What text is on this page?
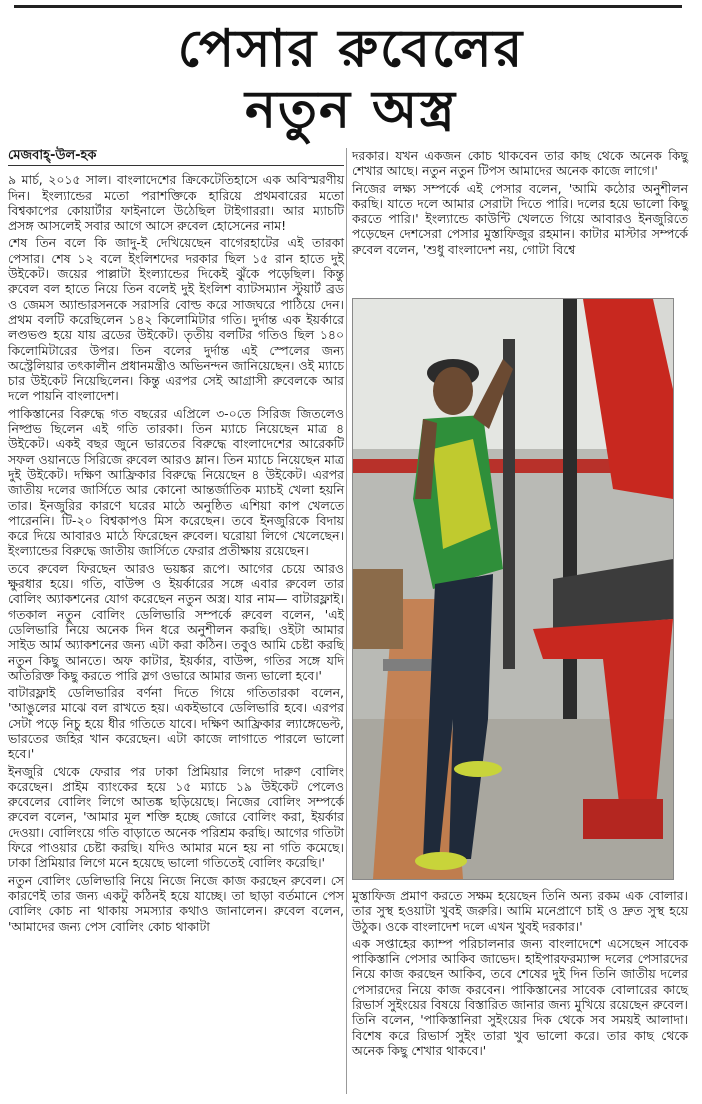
পেসার রুবেলের
নতুন অস্ত্র
মেজবাহ্-উল-হক

৯ মার্চ, ২০১৫ সাল। বাংলাদেশের ক্রিকেটেতিহাসে এক অবিস্মরণীয় দিন। ইংল্যান্ডের মতো পরাশক্তিকে হারিয়ে প্রথমবারের মতো বিশ্বকাপের কোয়ার্টার ফাইনালে উঠেছিল টাইগাররা। আর ম্যাচটি প্রসঙ্গ আসলেই সবার আগে আসে রুবেল হোসেনের নাম!

শেষ তিন বলে কি জাদু-ই দেখিয়েছেন বাগেরহাটের এই তারকা পেসার। শেষ ১২ বলে ইংলিশদের দরকার ছিল ১৫ রান হাতে দুই উইকেট। জয়ের পাল্লাটা ইংল্যান্ডের দিকেই ঝুঁকে পড়েছিল। কিন্তু রুবেল বল হাতে নিয়ে তিন বলেই দুই ইংলিশ ব্যাটসম্যান স্টুয়ার্ট ব্রড ও জেমস অ্যান্ডারসনকে সরাসরি বোল্ড করে সাজঘরে পাঠিয়ে দেন। প্রথম বলটি করেছিলেন ১৪২ কিলোমিটার গতি। দুর্দান্ত এক ইয়র্কারে লণ্ডভণ্ড হয়ে যায় ব্রডের উইকেট। তৃতীয় বলটির গতিও ছিল ১৪০ কিলোমিটারের উপর। তিন বলের দুর্দান্ত এই স্পেলের জন্য অস্ট্রেলিয়ার তৎকালীন প্রধানমন্ত্রীও অভিনন্দন জানিয়েছেন। ওই ম্যাচে চার উইকেট নিয়েছিলেন। কিন্তু এরপর সেই আগ্রাসী রুবেলকে আর দলে পায়নি বাংলাদেশ।

পাকিস্তানের বিরুদ্ধে গত বছরের এপ্রিলে ৩-০তে সিরিজ জিতলেও নিষ্প্রভ ছিলেন এই গতি তারকা। তিন ম্যাচে নিয়েছেন মাত্র ৪ উইকেট। একই বছর জুনে ভারতের বিরুদ্ধে বাংলাদেশের আরেকটি সফল ওয়ানডে সিরিজে রুবেল আরও ম্লান। তিন ম্যাচে নিয়েছেন মাত্র দুই উইকেট। দক্ষিণ আফ্রিকার বিরুদ্ধে নিয়েছেন ৪ উইকেট। এরপর জাতীয় দলের জার্সিতে আর কোনো আন্তর্জাতিক ম্যাচই খেলা হয়নি তার। ইনজুরির কারণে ঘরের মাঠে অনুষ্ঠিত এশিয়া কাপ খেলতে পারেননি। টি-২০ বিশ্বকাপও মিস করেছেন। তবে ইনজুরিকে বিদায় করে দিয়ে আবারও মাঠে ফিরেছেন রুবেল। ঘরোয়া লিগে খেলেছেন। ইংল্যান্ডের বিরুদ্ধে জাতীয় জার্সিতে ফেরার প্রতীক্ষায় রয়েছেন।

তবে রুবেল ফিরছেন আরও ভয়ঙ্কর রূপে। আগের চেয়ে আরও ক্ষুরধার হয়ে। গতি, বাউন্স ও ইয়র্কারের সঙ্গে এবার রুবেল তার বোলিং অ্যাকশনের যোগ করেছেন নতুন অস্ত্র। যার নাম— বাটারফ্লাই। গতকাল নতুন বোলিং ডেলিভারি সম্পর্কে রুবেল বলেন, 'এই ডেলিভারি নিয়ে অনেক দিন ধরে অনুশীলন করছি। ওইটা আমার সাইড আর্ম অ্যাকশনের জন্য এটা করা কঠিন। তবুও আমি চেষ্টা করছি নতুন কিছু আনতে। অফ কাটার, ইয়র্কার, বাউন্স, গতির সঙ্গে যদি অতিরিক্ত কিছু করতে পারি স্লগ ওভারে আমার জন্য ভালো হবে।'

বাটারফ্লাই ডেলিভারির বর্ণনা দিতে গিয়ে গতিতারকা বলেন, 'আঙুলের মাঝে বল রাখতে হয়। একইভাবে ডেলিভারি হবে। এরপর সেটা পড়ে নিচু হয়ে ধীর গতিতে যাবে। দক্ষিণ আফ্রিকার ল্যাঙ্গেভেল্ট, ভারতের জহির খান করেছেন। এটা কাজে লাগাতে পারলে ভালো হবে।'

ইনজুরি থেকে ফেরার পর ঢাকা প্রিমিয়ার লিগে দারুণ বোলিং করেছেন। প্রাইম ব্যাংকের হয়ে ১৫ ম্যাচে ১৯ উইকেট পেলেও রুবেলের বোলিং লিগে আতঙ্ক ছড়িয়েছে। নিজের বোলিং সম্পর্কে রুবেল বলেন, 'আমার মূল শক্তি হচ্ছে জোরে বোলিং করা, ইয়র্কার দেওয়া। বোলিংয়ে গতি বাড়াতে অনেক পরিশ্রম করছি। আগের গতিটা ফিরে পাওয়ার চেষ্টা করছি। যদিও আমার মনে হয় না গতি কমেছে। ঢাকা প্রিমিয়ার লিগে মনে হয়েছে ভালো গতিতেই বোলিং করেছি।'

নতুন বোলিং ডেলিভারি নিয়ে নিজে নিজে কাজ করছেন রুবেল। সে কারণেই তার জন্য একটু কঠিনই হয়ে যাচ্ছে। তা ছাড়া বর্তমানে পেস বোলিং কোচ না থাকায় সমস্যার কথাও জানালেন। রুবেল বলেন, 'আমাদের জন্য পেস বোলিং কোচ থাকাটা

দরকার। যখন একজন কোচ থাকবেন তার কাছ থেকে অনেক কিছু শেখার আছে। নতুন নতুন টিপস আমাদের অনেক কাজে লাগে।'

নিজের লক্ষ্য সম্পর্কে এই পেসার বলেন, 'আমি কঠোর অনুশীলন করছি। যাতে দলে আমার সেরাটা দিতে পারি। দলের হয়ে ভালো কিছু করতে পারি।' ইংল্যান্ডে কাউন্টি খেলতে গিয়ে আবারও ইনজুরিতে পড়েছেন দেশসেরা পেসার মুস্তাফিজুর রহমান। কাটার মাস্টার সম্পর্কে রুবেল বলেন, 'শুধু বাংলাদেশ নয়, গোটা বিশ্বে

মুস্তাফিজ প্রমাণ করতে সক্ষম হয়েছেন তিনি অন্য রকম এক বোলার। তার সুস্থ হওয়াটা খুবই জরুরি। আমি মনেপ্রাণে চাই ও দ্রুত সুস্থ হয়ে উঠুক। ওকে বাংলাদেশ দলে এখন খুবই দরকার।'

এক সপ্তাহের ক্যাম্প পরিচালনার জন্য বাংলাদেশে এসেছেন সাবেক পাকিস্তানি পেসার আকিব জাভেদ। হাইপারফরম্যান্স দলের পেসারদের নিয়ে কাজ করছেন আকিব, তবে শেষের দুই দিন তিনি জাতীয় দলের পেসারদের নিয়ে কাজ করবেন। পাকিস্তানের সাবেক বোলারের কাছে রিভার্স সুইংয়ের বিষয়ে বিস্তারিত জানার জন্য মুখিয়ে রয়েছেন রুবেল। তিনি বলেন, 'পাকিস্তানিরা সুইংয়ের দিক থেকে সব সময়ই আলাদা। বিশেষ করে রিভার্স সুইং তারা খুব ভালো করে। তার কাছ থেকে অনেক কিছু শেখার থাকবে।'
